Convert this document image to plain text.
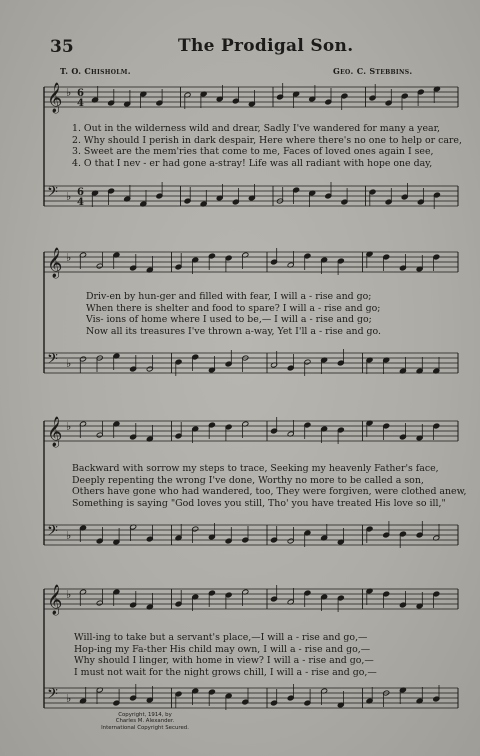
35	The Prodigal Son.
T. O. Chisholm.	Geo. C. Stebbins.
𝄞 ♭ 6
4
𝄢 ♭ 6
4
1. Out in the wilderness wild and drear, Sadly I've wandered for many a year,
2. Why should I perish in dark despair, Here where there's no one to help or care,
3. Sweet are the mem'ries that come to me, Faces of loved ones again I see,
4. O that I nev - er had gone a-stray! Life was all radiant with hope one day,
𝄞 ♭
𝄢 ♭
Driv-en by hun-ger and filled with fear, I will a - rise and go;
When there is shelter and food to spare? I will a - rise and go;
Vis- ions of home where I used to be,— I will a - rise and go;
Now all its treasures I've thrown a-way, Yet I'll a - rise and go.
𝄞 ♭
𝄢 ♭
Backward with sorrow my steps to trace, Seeking my heavenly Father's face,
Deeply repenting the wrong I've done, Worthy no more to be called a son,
Others have gone who had wandered, too, They were forgiven, were clothed anew,
Something is saying "God loves you still, Tho' you have treated His love so ill,"
𝄞 ♭
𝄢 ♭
Will-ing to take but a servant's place,—I will a - rise and go,—
Hop-ing my Fa-ther His child may own, I will a - rise and go,—
Why should I linger, with home in view? I will a - rise and go,—
I must not wait for the night grows chill, I will a - rise and go,—
Copyright, 1914, by
Charles M. Alexander.
International Copyright Secured.
